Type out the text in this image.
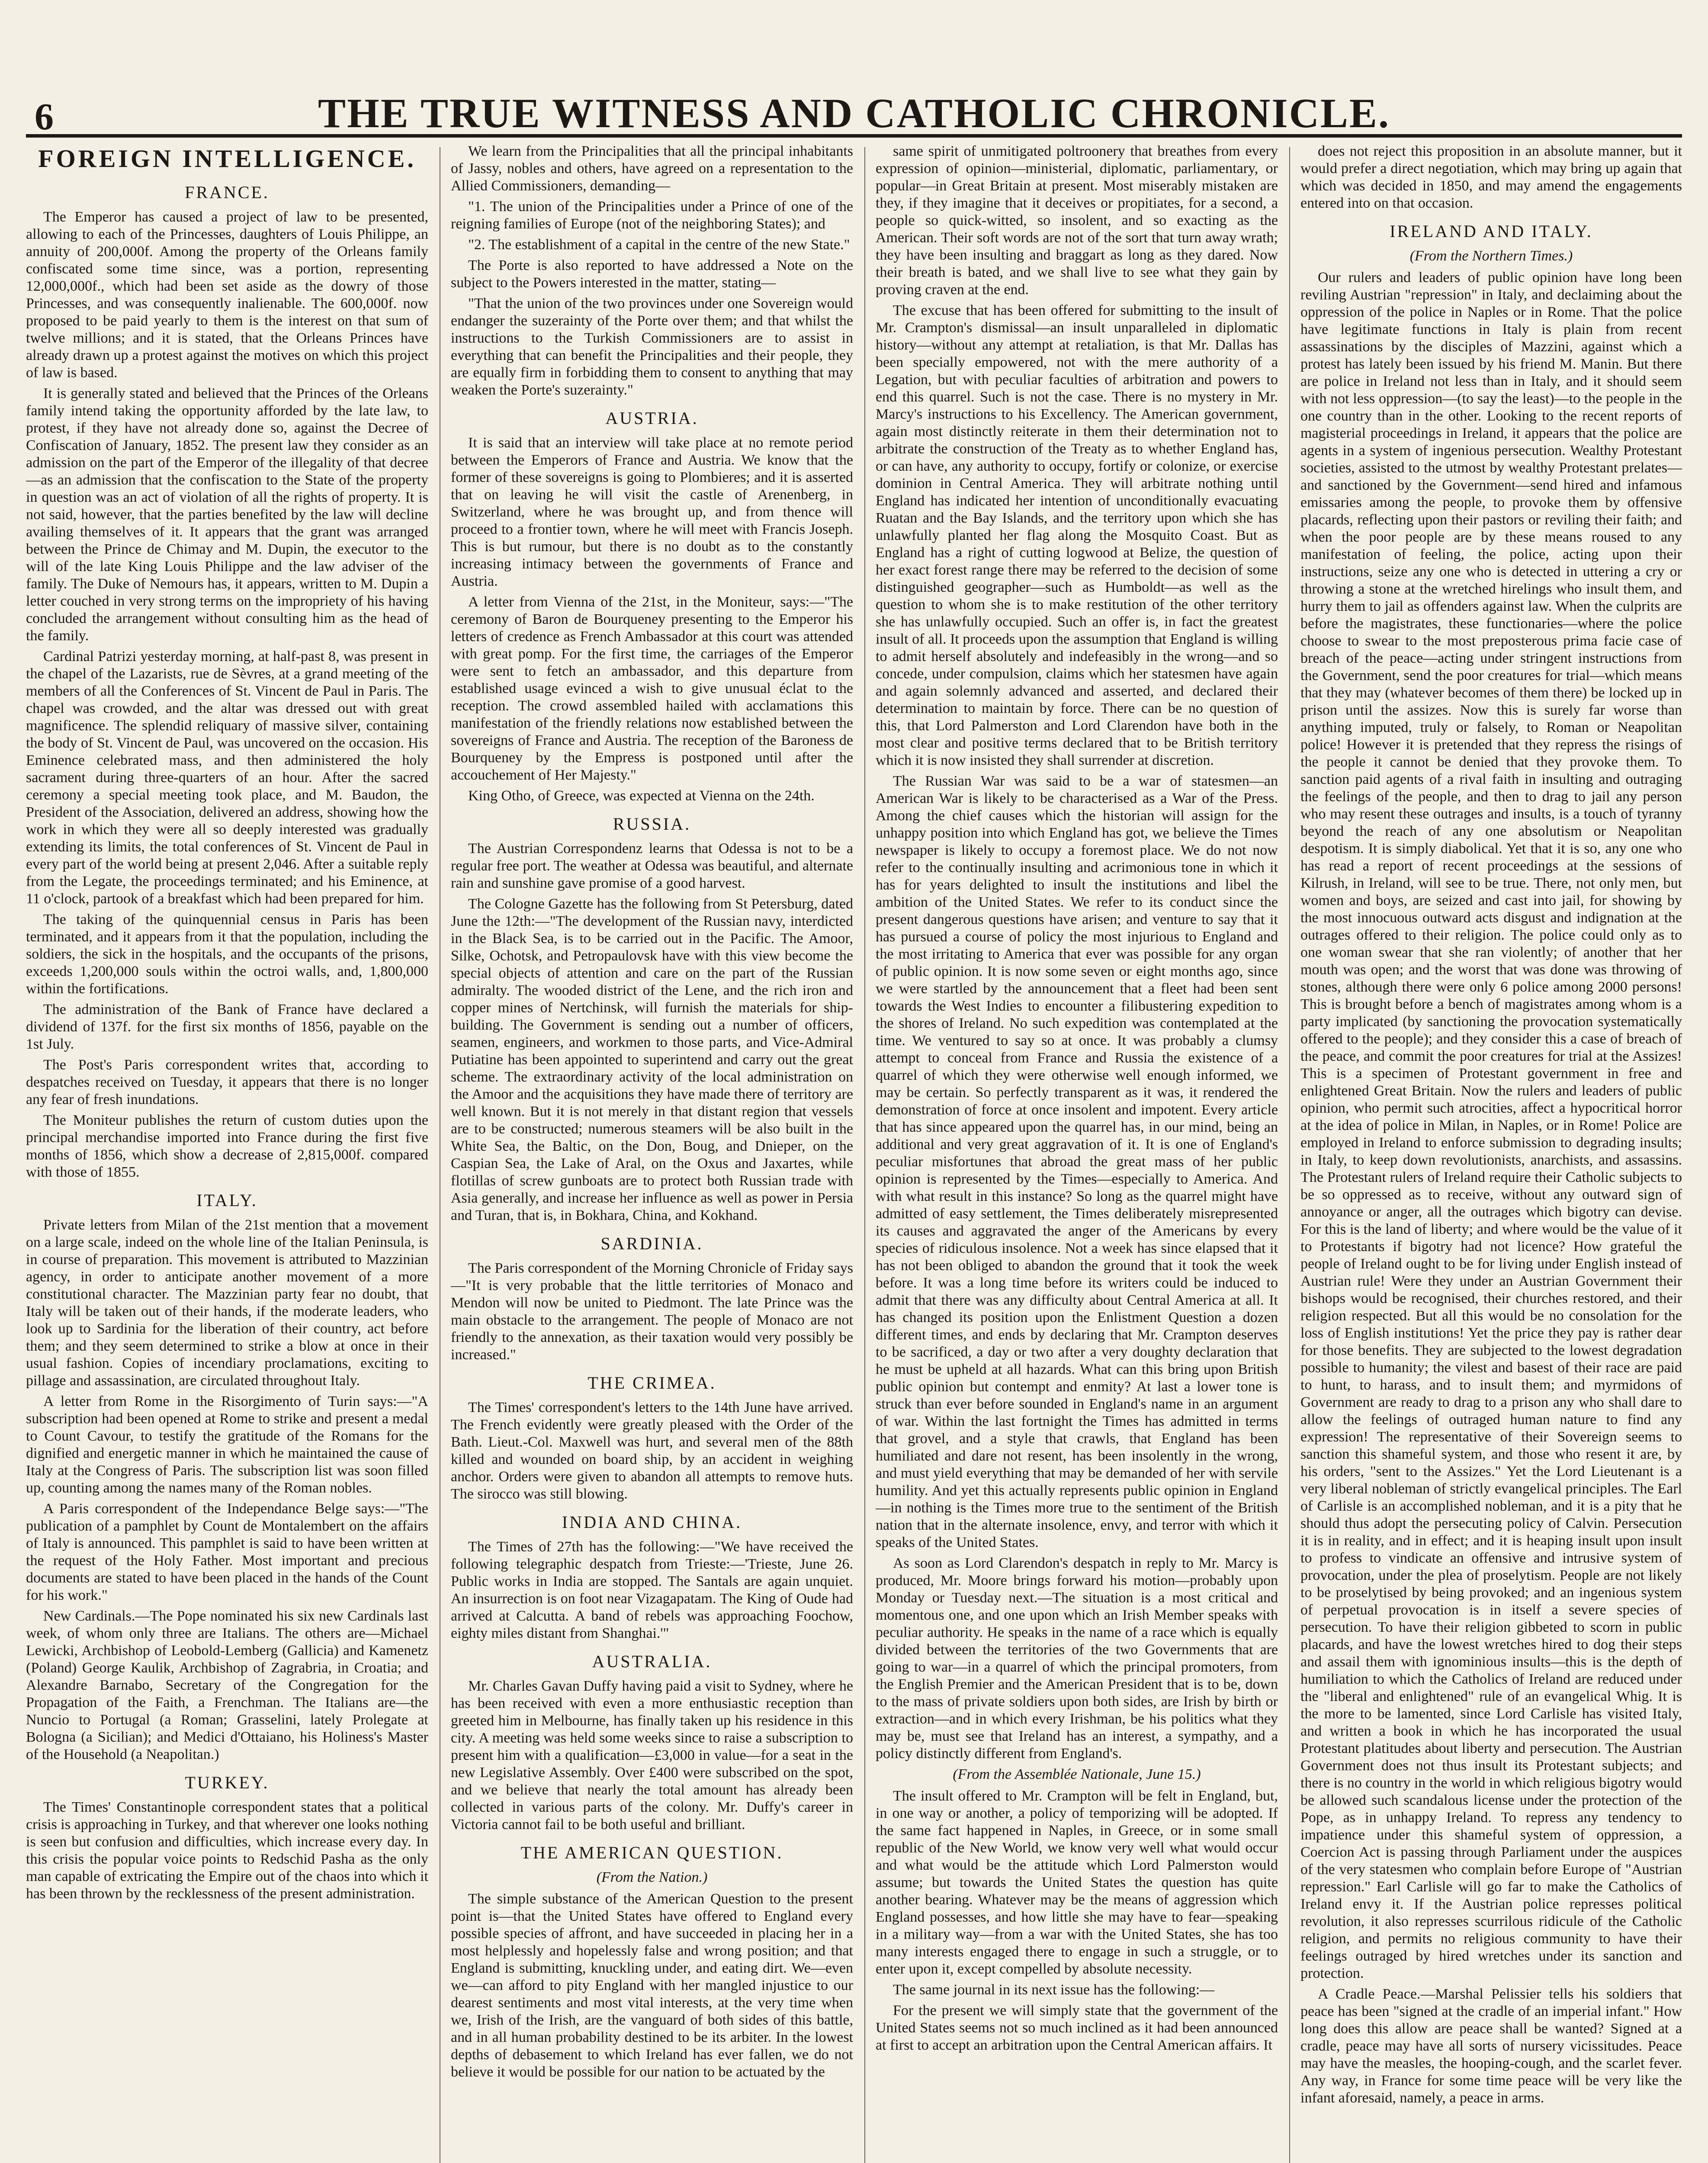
6	THE TRUE WITNESS AND CATHOLIC CHRONICLE.
FOREIGN INTELLIGENCE.
FRANCE.

The Emperor has caused a project of law to be presented, allowing to each of the Princesses, daughters of Louis Philippe, an annuity of 200,000f. Among the property of the Orleans family confiscated some time since, was a portion, representing 12,000,000f., which had been set aside as the dowry of those Princesses, and was consequently inalienable. The 600,000f. now proposed to be paid yearly to them is the interest on that sum of twelve millions; and it is stated, that the Orleans Princes have already drawn up a protest against the motives on which this project of law is based.

It is generally stated and believed that the Princes of the Orleans family intend taking the opportunity afforded by the late law, to protest, if they have not already done so, against the Decree of Confiscation of January, 1852. The present law they consider as an admission on the part of the Emperor of the illegality of that decree—as an admission that the confiscation to the State of the property in question was an act of violation of all the rights of property. It is not said, however, that the parties benefited by the law will decline availing themselves of it. It appears that the grant was arranged between the Prince de Chimay and M. Dupin, the executor to the will of the late King Louis Philippe and the law adviser of the family. The Duke of Nemours has, it appears, written to M. Dupin a letter couched in very strong terms on the impropriety of his having concluded the arrangement without consulting him as the head of the family.

Cardinal Patrizi yesterday morning, at half-past 8, was present in the chapel of the Lazarists, rue de Sèvres, at a grand meeting of the members of all the Conferences of St. Vincent de Paul in Paris. The chapel was crowded, and the altar was dressed out with great magnificence. The splendid reliquary of massive silver, containing the body of St. Vincent de Paul, was uncovered on the occasion. His Eminence celebrated mass, and then administered the holy sacrament during three-quarters of an hour. After the sacred ceremony a special meeting took place, and M. Baudon, the President of the Association, delivered an address, showing how the work in which they were all so deeply interested was gradually extending its limits, the total conferences of St. Vincent de Paul in every part of the world being at present 2,046. After a suitable reply from the Legate, the proceedings terminated; and his Eminence, at 11 o'clock, partook of a breakfast which had been prepared for him.

The taking of the quinquennial census in Paris has been terminated, and it appears from it that the population, including the soldiers, the sick in the hospitals, and the occupants of the prisons, exceeds 1,200,000 souls within the octroi walls, and, 1,800,000 within the fortifications.

The administration of the Bank of France have declared a dividend of 137f. for the first six months of 1856, payable on the 1st July.

The Post's Paris correspondent writes that, according to despatches received on Tuesday, it appears that there is no longer any fear of fresh inundations.

The Moniteur publishes the return of custom duties upon the principal merchandise imported into France during the first five months of 1856, which show a decrease of 2,815,000f. compared with those of 1855.

ITALY.

Private letters from Milan of the 21st mention that a movement on a large scale, indeed on the whole line of the Italian Peninsula, is in course of preparation. This movement is attributed to Mazzinian agency, in order to anticipate another movement of a more constitutional character. The Mazzinian party fear no doubt, that Italy will be taken out of their hands, if the moderate leaders, who look up to Sardinia for the liberation of their country, act before them; and they seem determined to strike a blow at once in their usual fashion. Copies of incendiary proclamations, exciting to pillage and assassination, are circulated throughout Italy.

A letter from Rome in the Risorgimento of Turin says:—"A subscription had been opened at Rome to strike and present a medal to Count Cavour, to testify the gratitude of the Romans for the dignified and energetic manner in which he maintained the cause of Italy at the Congress of Paris. The subscription list was soon filled up, counting among the names many of the Roman nobles.

A Paris correspondent of the Independance Belge says:—"The publication of a pamphlet by Count de Montalembert on the affairs of Italy is announced. This pamphlet is said to have been written at the request of the Holy Father. Most important and precious documents are stated to have been placed in the hands of the Count for his work."

New Cardinals.—The Pope nominated his six new Cardinals last week, of whom only three are Italians. The others are—Michael Lewicki, Archbishop of Leobold-Lemberg (Gallicia) and Kamenetz (Poland) George Kaulik, Archbishop of Zagrabria, in Croatia; and Alexandre Barnabo, Secretary of the Congregation for the Propagation of the Faith, a Frenchman. The Italians are—the Nuncio to Portugal (a Roman; Grasselini, lately Prolegate at Bologna (a Sicilian); and Medici d'Ottaiano, his Holiness's Master of the Household (a Neapolitan.)

TURKEY.

The Times' Constantinople correspondent states that a political crisis is approaching in Turkey, and that wherever one looks nothing is seen but confusion and difficulties, which increase every day. In this crisis the popular voice points to Redschid Pasha as the only man capable of extricating the Empire out of the chaos into which it has been thrown by the recklessness of the present administration.

We learn from the Principalities that all the principal inhabitants of Jassy, nobles and others, have agreed on a representation to the Allied Commissioners, demanding—

"1. The union of the Principalities under a Prince of one of the reigning families of Europe (not of the neighboring States); and

"2. The establishment of a capital in the centre of the new State."

The Porte is also reported to have addressed a Note on the subject to the Powers interested in the matter, stating—

"That the union of the two provinces under one Sovereign would endanger the suzerainty of the Porte over them; and that whilst the instructions to the Turkish Commissioners are to assist in everything that can benefit the Principalities and their people, they are equally firm in forbidding them to consent to anything that may weaken the Porte's suzerainty."

AUSTRIA.

It is said that an interview will take place at no remote period between the Emperors of France and Austria. We know that the former of these sovereigns is going to Plombieres; and it is asserted that on leaving he will visit the castle of Arenenberg, in Switzerland, where he was brought up, and from thence will proceed to a frontier town, where he will meet with Francis Joseph. This is but rumour, but there is no doubt as to the constantly increasing intimacy between the governments of France and Austria.

A letter from Vienna of the 21st, in the Moniteur, says:—"The ceremony of Baron de Bourqueney presenting to the Emperor his letters of credence as French Ambassador at this court was attended with great pomp. For the first time, the carriages of the Emperor were sent to fetch an ambassador, and this departure from established usage evinced a wish to give unusual éclat to the reception. The crowd assembled hailed with acclamations this manifestation of the friendly relations now established between the sovereigns of France and Austria. The reception of the Baroness de Bourqueney by the Empress is postponed until after the accouchement of Her Majesty."

King Otho, of Greece, was expected at Vienna on the 24th.

RUSSIA.

The Austrian Correspondenz learns that Odessa is not to be a regular free port. The weather at Odessa was beautiful, and alternate rain and sunshine gave promise of a good harvest.

The Cologne Gazette has the following from St Petersburg, dated June the 12th:—"The development of the Russian navy, interdicted in the Black Sea, is to be carried out in the Pacific. The Amoor, Silke, Ochotsk, and Petropaulovsk have with this view become the special objects of attention and care on the part of the Russian admiralty. The wooded district of the Lene, and the rich iron and copper mines of Nertchinsk, will furnish the materials for ship-building. The Government is sending out a number of officers, seamen, engineers, and workmen to those parts, and Vice-Admiral Putiatine has been appointed to superintend and carry out the great scheme. The extraordinary activity of the local administration on the Amoor and the acquisitions they have made there of territory are well known. But it is not merely in that distant region that vessels are to be constructed; numerous steamers will be also built in the White Sea, the Baltic, on the Don, Boug, and Dnieper, on the Caspian Sea, the Lake of Aral, on the Oxus and Jaxartes, while flotillas of screw gunboats are to protect both Russian trade with Asia generally, and increase her influence as well as power in Persia and Turan, that is, in Bokhara, China, and Kokhand.

SARDINIA.

The Paris correspondent of the Morning Chronicle of Friday says—"It is very probable that the little territories of Monaco and Mendon will now be united to Piedmont. The late Prince was the main obstacle to the arrangement. The people of Monaco are not friendly to the annexation, as their taxation would very possibly be increased."

THE CRIMEA.

The Times' correspondent's letters to the 14th June have arrived. The French evidently were greatly pleased with the Order of the Bath. Lieut.-Col. Maxwell was hurt, and several men of the 88th killed and wounded on board ship, by an accident in weighing anchor. Orders were given to abandon all attempts to remove huts. The sirocco was still blowing.

INDIA AND CHINA.

The Times of 27th has the following:—"We have received the following telegraphic despatch from Trieste:—'Trieste, June 26. Public works in India are stopped. The Santals are again unquiet. An insurrection is on foot near Vizagapatam. The King of Oude had arrived at Calcutta. A band of rebels was approaching Foochow, eighty miles distant from Shanghai.'"

AUSTRALIA.

Mr. Charles Gavan Duffy having paid a visit to Sydney, where he has been received with even a more enthusiastic reception than greeted him in Melbourne, has finally taken up his residence in this city. A meeting was held some weeks since to raise a subscription to present him with a qualification—£3,000 in value—for a seat in the new Legislative Assembly. Over £400 were subscribed on the spot, and we believe that nearly the total amount has already been collected in various parts of the colony. Mr. Duffy's career in Victoria cannot fail to be both useful and brilliant.

THE AMERICAN QUESTION.
(From the Nation.)

The simple substance of the American Question to the present point is—that the United States have offered to England every possible species of affront, and have succeeded in placing her in a most helplessly and hopelessly false and wrong position; and that England is submitting, knuckling under, and eating dirt. We—even we—can afford to pity England with her mangled injustice to our dearest sentiments and most vital interests, at the very time when we, Irish of the Irish, are the vanguard of both sides of this battle, and in all human probability destined to be its arbiter. In the lowest depths of debasement to which Ireland has ever fallen, we do not believe it would be possible for our nation to be actuated by the

same spirit of unmitigated poltroonery that breathes from every expression of opinion—ministerial, diplomatic, parliamentary, or popular—in Great Britain at present. Most miserably mistaken are they, if they imagine that it deceives or propitiates, for a second, a people so quick-witted, so insolent, and so exacting as the American. Their soft words are not of the sort that turn away wrath; they have been insulting and braggart as long as they dared. Now their breath is bated, and we shall live to see what they gain by proving craven at the end.

The excuse that has been offered for submitting to the insult of Mr. Crampton's dismissal—an insult unparalleled in diplomatic history—without any attempt at retaliation, is that Mr. Dallas has been specially empowered, not with the mere authority of a Legation, but with peculiar faculties of arbitration and powers to end this quarrel. Such is not the case. There is no mystery in Mr. Marcy's instructions to his Excellency. The American government, again most distinctly reiterate in them their determination not to arbitrate the construction of the Treaty as to whether England has, or can have, any authority to occupy, fortify or colonize, or exercise dominion in Central America. They will arbitrate nothing until England has indicated her intention of unconditionally evacuating Ruatan and the Bay Islands, and the territory upon which she has unlawfully planted her flag along the Mosquito Coast. But as England has a right of cutting logwood at Belize, the question of her exact forest range there may be referred to the decision of some distinguished geographer—such as Humboldt—as well as the question to whom she is to make restitution of the other territory she has unlawfully occupied. Such an offer is, in fact the greatest insult of all. It proceeds upon the assumption that England is willing to admit herself absolutely and indefeasibly in the wrong—and so concede, under compulsion, claims which her statesmen have again and again solemnly advanced and asserted, and declared their determination to maintain by force. There can be no question of this, that Lord Palmerston and Lord Clarendon have both in the most clear and positive terms declared that to be British territory which it is now insisted they shall surrender at discretion.

The Russian War was said to be a war of statesmen—an American War is likely to be characterised as a War of the Press. Among the chief causes which the historian will assign for the unhappy position into which England has got, we believe the Times newspaper is likely to occupy a foremost place. We do not now refer to the continually insulting and acrimonious tone in which it has for years delighted to insult the institutions and libel the ambition of the United States. We refer to its conduct since the present dangerous questions have arisen; and venture to say that it has pursued a course of policy the most injurious to England and the most irritating to America that ever was possible for any organ of public opinion. It is now some seven or eight months ago, since we were startled by the announcement that a fleet had been sent towards the West Indies to encounter a filibustering expedition to the shores of Ireland. No such expedition was contemplated at the time. We ventured to say so at once. It was probably a clumsy attempt to conceal from France and Russia the existence of a quarrel of which they were otherwise well enough informed, we may be certain. So perfectly transparent as it was, it rendered the demonstration of force at once insolent and impotent. Every article that has since appeared upon the quarrel has, in our mind, being an additional and very great aggravation of it. It is one of England's peculiar misfortunes that abroad the great mass of her public opinion is represented by the Times—especially to America. And with what result in this instance? So long as the quarrel might have admitted of easy settlement, the Times deliberately misrepresented its causes and aggravated the anger of the Americans by every species of ridiculous insolence. Not a week has since elapsed that it has not been obliged to abandon the ground that it took the week before. It was a long time before its writers could be induced to admit that there was any difficulty about Central America at all. It has changed its position upon the Enlistment Question a dozen different times, and ends by declaring that Mr. Crampton deserves to be sacrificed, a day or two after a very doughty declaration that he must be upheld at all hazards. What can this bring upon British public opinion but contempt and enmity? At last a lower tone is struck than ever before sounded in England's name in an argument of war. Within the last fortnight the Times has admitted in terms that grovel, and a style that crawls, that England has been humiliated and dare not resent, has been insolently in the wrong, and must yield everything that may be demanded of her with servile humility. And yet this actually represents public opinion in England—in nothing is the Times more true to the sentiment of the British nation that in the alternate insolence, envy, and terror with which it speaks of the United States.

As soon as Lord Clarendon's despatch in reply to Mr. Marcy is produced, Mr. Moore brings forward his motion—probably upon Monday or Tuesday next.—The situation is a most critical and momentous one, and one upon which an Irish Member speaks with peculiar authority. He speaks in the name of a race which is equally divided between the territories of the two Governments that are going to war—in a quarrel of which the principal promoters, from the English Premier and the American President that is to be, down to the mass of private soldiers upon both sides, are Irish by birth or extraction—and in which every Irishman, be his politics what they may be, must see that Ireland has an interest, a sympathy, and a policy distinctly different from England's.

(From the Assemblée Nationale, June 15.)

The insult offered to Mr. Crampton will be felt in England, but, in one way or another, a policy of temporizing will be adopted. If the same fact happened in Naples, in Greece, or in some small republic of the New World, we know very well what would occur and what would be the attitude which Lord Palmerston would assume; but towards the United States the question has quite another bearing. Whatever may be the means of aggression which England possesses, and how little she may have to fear—speaking in a military way—from a war with the United States, she has too many interests engaged there to engage in such a struggle, or to enter upon it, except compelled by absolute necessity.

The same journal in its next issue has the following:—

For the present we will simply state that the government of the United States seems not so much inclined as it had been announced at first to accept an arbitration upon the Central American affairs. It

does not reject this proposition in an absolute manner, but it would prefer a direct negotiation, which may bring up again that which was decided in 1850, and may amend the engagements entered into on that occasion.

IRELAND AND ITALY.
(From the Northern Times.)

Our rulers and leaders of public opinion have long been reviling Austrian "repression" in Italy, and declaiming about the oppression of the police in Naples or in Rome. That the police have legitimate functions in Italy is plain from recent assassinations by the disciples of Mazzini, against which a protest has lately been issued by his friend M. Manin. But there are police in Ireland not less than in Italy, and it should seem with not less oppression—(to say the least)—to the people in the one country than in the other. Looking to the recent reports of magisterial proceedings in Ireland, it appears that the police are agents in a system of ingenious persecution. Wealthy Protestant societies, assisted to the utmost by wealthy Protestant prelates—and sanctioned by the Government—send hired and infamous emissaries among the people, to provoke them by offensive placards, reflecting upon their pastors or reviling their faith; and when the poor people are by these means roused to any manifestation of feeling, the police, acting upon their instructions, seize any one who is detected in uttering a cry or throwing a stone at the wretched hirelings who insult them, and hurry them to jail as offenders against law. When the culprits are before the magistrates, these functionaries—where the police choose to swear to the most preposterous prima facie case of breach of the peace—acting under stringent instructions from the Government, send the poor creatures for trial—which means that they may (whatever becomes of them there) be locked up in prison until the assizes. Now this is surely far worse than anything imputed, truly or falsely, to Roman or Neapolitan police! However it is pretended that they repress the risings of the people it cannot be denied that they provoke them. To sanction paid agents of a rival faith in insulting and outraging the feelings of the people, and then to drag to jail any person who may resent these outrages and insults, is a touch of tyranny beyond the reach of any one absolutism or Neapolitan despotism. It is simply diabolical. Yet that it is so, any one who has read a report of recent proceedings at the sessions of Kilrush, in Ireland, will see to be true. There, not only men, but women and boys, are seized and cast into jail, for showing by the most innocuous outward acts disgust and indignation at the outrages offered to their religion. The police could only as to one woman swear that she ran violently; of another that her mouth was open; and the worst that was done was throwing of stones, although there were only 6 police among 2000 persons! This is brought before a bench of magistrates among whom is a party implicated (by sanctioning the provocation systematically offered to the people); and they consider this a case of breach of the peace, and commit the poor creatures for trial at the Assizes! This is a specimen of Protestant government in free and enlightened Great Britain. Now the rulers and leaders of public opinion, who permit such atrocities, affect a hypocritical horror at the idea of police in Milan, in Naples, or in Rome! Police are employed in Ireland to enforce submission to degrading insults; in Italy, to keep down revolutionists, anarchists, and assassins. The Protestant rulers of Ireland require their Catholic subjects to be so oppressed as to receive, without any outward sign of annoyance or anger, all the outrages which bigotry can devise. For this is the land of liberty; and where would be the value of it to Protestants if bigotry had not licence? How grateful the people of Ireland ought to be for living under English instead of Austrian rule! Were they under an Austrian Government their bishops would be recognised, their churches restored, and their religion respected. But all this would be no consolation for the loss of English institutions! Yet the price they pay is rather dear for those benefits. They are subjected to the lowest degradation possible to humanity; the vilest and basest of their race are paid to hunt, to harass, and to insult them; and myrmidons of Government are ready to drag to a prison any who shall dare to allow the feelings of outraged human nature to find any expression! The representative of their Sovereign seems to sanction this shameful system, and those who resent it are, by his orders, "sent to the Assizes." Yet the Lord Lieutenant is a very liberal nobleman of strictly evangelical principles. The Earl of Carlisle is an accomplished nobleman, and it is a pity that he should thus adopt the persecuting policy of Calvin. Persecution it is in reality, and in effect; and it is heaping insult upon insult to profess to vindicate an offensive and intrusive system of provocation, under the plea of proselytism. People are not likely to be proselytised by being provoked; and an ingenious system of perpetual provocation is in itself a severe species of persecution. To have their religion gibbeted to scorn in public placards, and have the lowest wretches hired to dog their steps and assail them with ignominious insults—this is the depth of humiliation to which the Catholics of Ireland are reduced under the "liberal and enlightened" rule of an evangelical Whig. It is the more to be lamented, since Lord Carlisle has visited Italy, and written a book in which he has incorporated the usual Protestant platitudes about liberty and persecution. The Austrian Government does not thus insult its Protestant subjects; and there is no country in the world in which religious bigotry would be allowed such scandalous license under the protection of the Pope, as in unhappy Ireland. To repress any tendency to impatience under this shameful system of oppression, a Coercion Act is passing through Parliament under the auspices of the very statesmen who complain before Europe of "Austrian repression." Earl Carlisle will go far to make the Catholics of Ireland envy it. If the Austrian police represses political revolution, it also represses scurrilous ridicule of the Catholic religion, and permits no religious community to have their feelings outraged by hired wretches under its sanction and protection.

A Cradle Peace.—Marshal Pelissier tells his soldiers that peace has been "signed at the cradle of an imperial infant." How long does this allow are peace shall be wanted? Signed at a cradle, peace may have all sorts of nursery vicissitudes. Peace may have the measles, the hooping-cough, and the scarlet fever. Any way, in France for some time peace will be very like the infant aforesaid, namely, a peace in arms.
